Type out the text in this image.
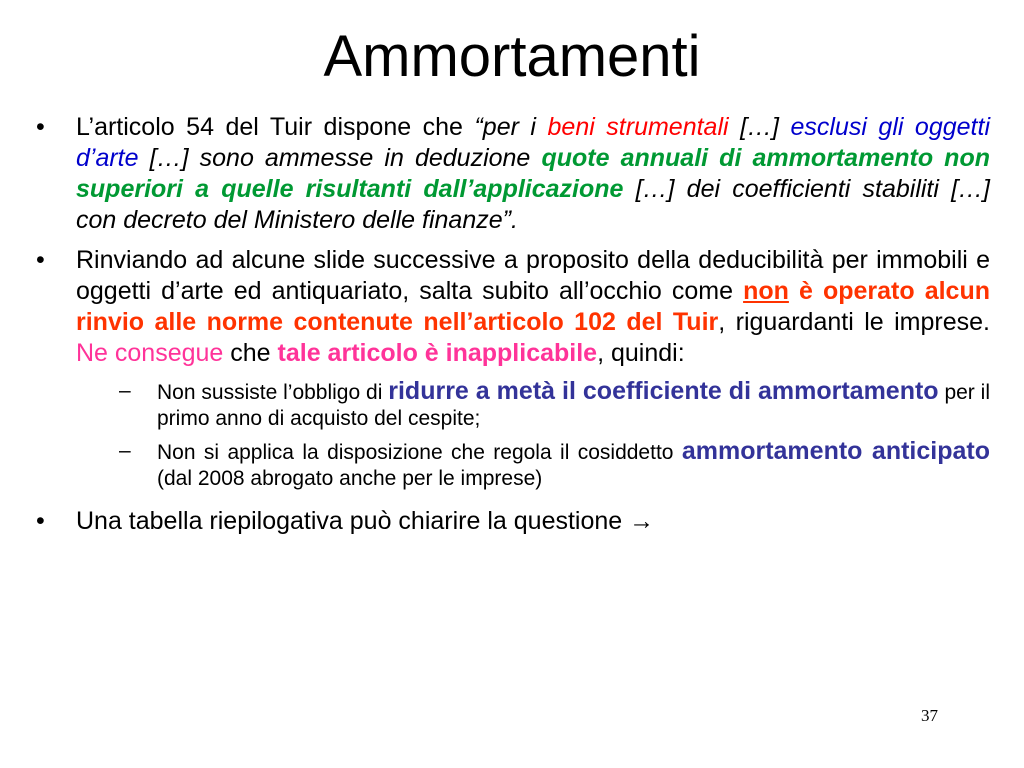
Ammortamenti
• L’articolo 54 del Tuir dispone che “per i beni strumentali […] esclusi gli oggetti d’arte […] sono ammesse in deduzione quote annuali di ammortamento non superiori a quelle risultanti dall’applicazione […] dei coefficienti stabiliti […] con decreto del Ministero delle finanze”.
• Rinviando ad alcune slide successive a proposito della deducibilità per immobili e oggetti d’arte ed antiquariato, salta subito all’occhio come non è operato alcun rinvio alle norme contenute nell’articolo 102 del Tuir, riguardanti le imprese. Ne consegue che tale articolo è inapplicabile, quindi:
– Non sussiste l’obbligo di ridurre a metà il coefficiente di ammortamento per il primo anno di acquisto del cespite;
– Non si applica la disposizione che regola il cosiddetto ammortamento anticipato (dal 2008 abrogato anche per le imprese)
• Una tabella riepilogativa può chiarire la questione →
37
